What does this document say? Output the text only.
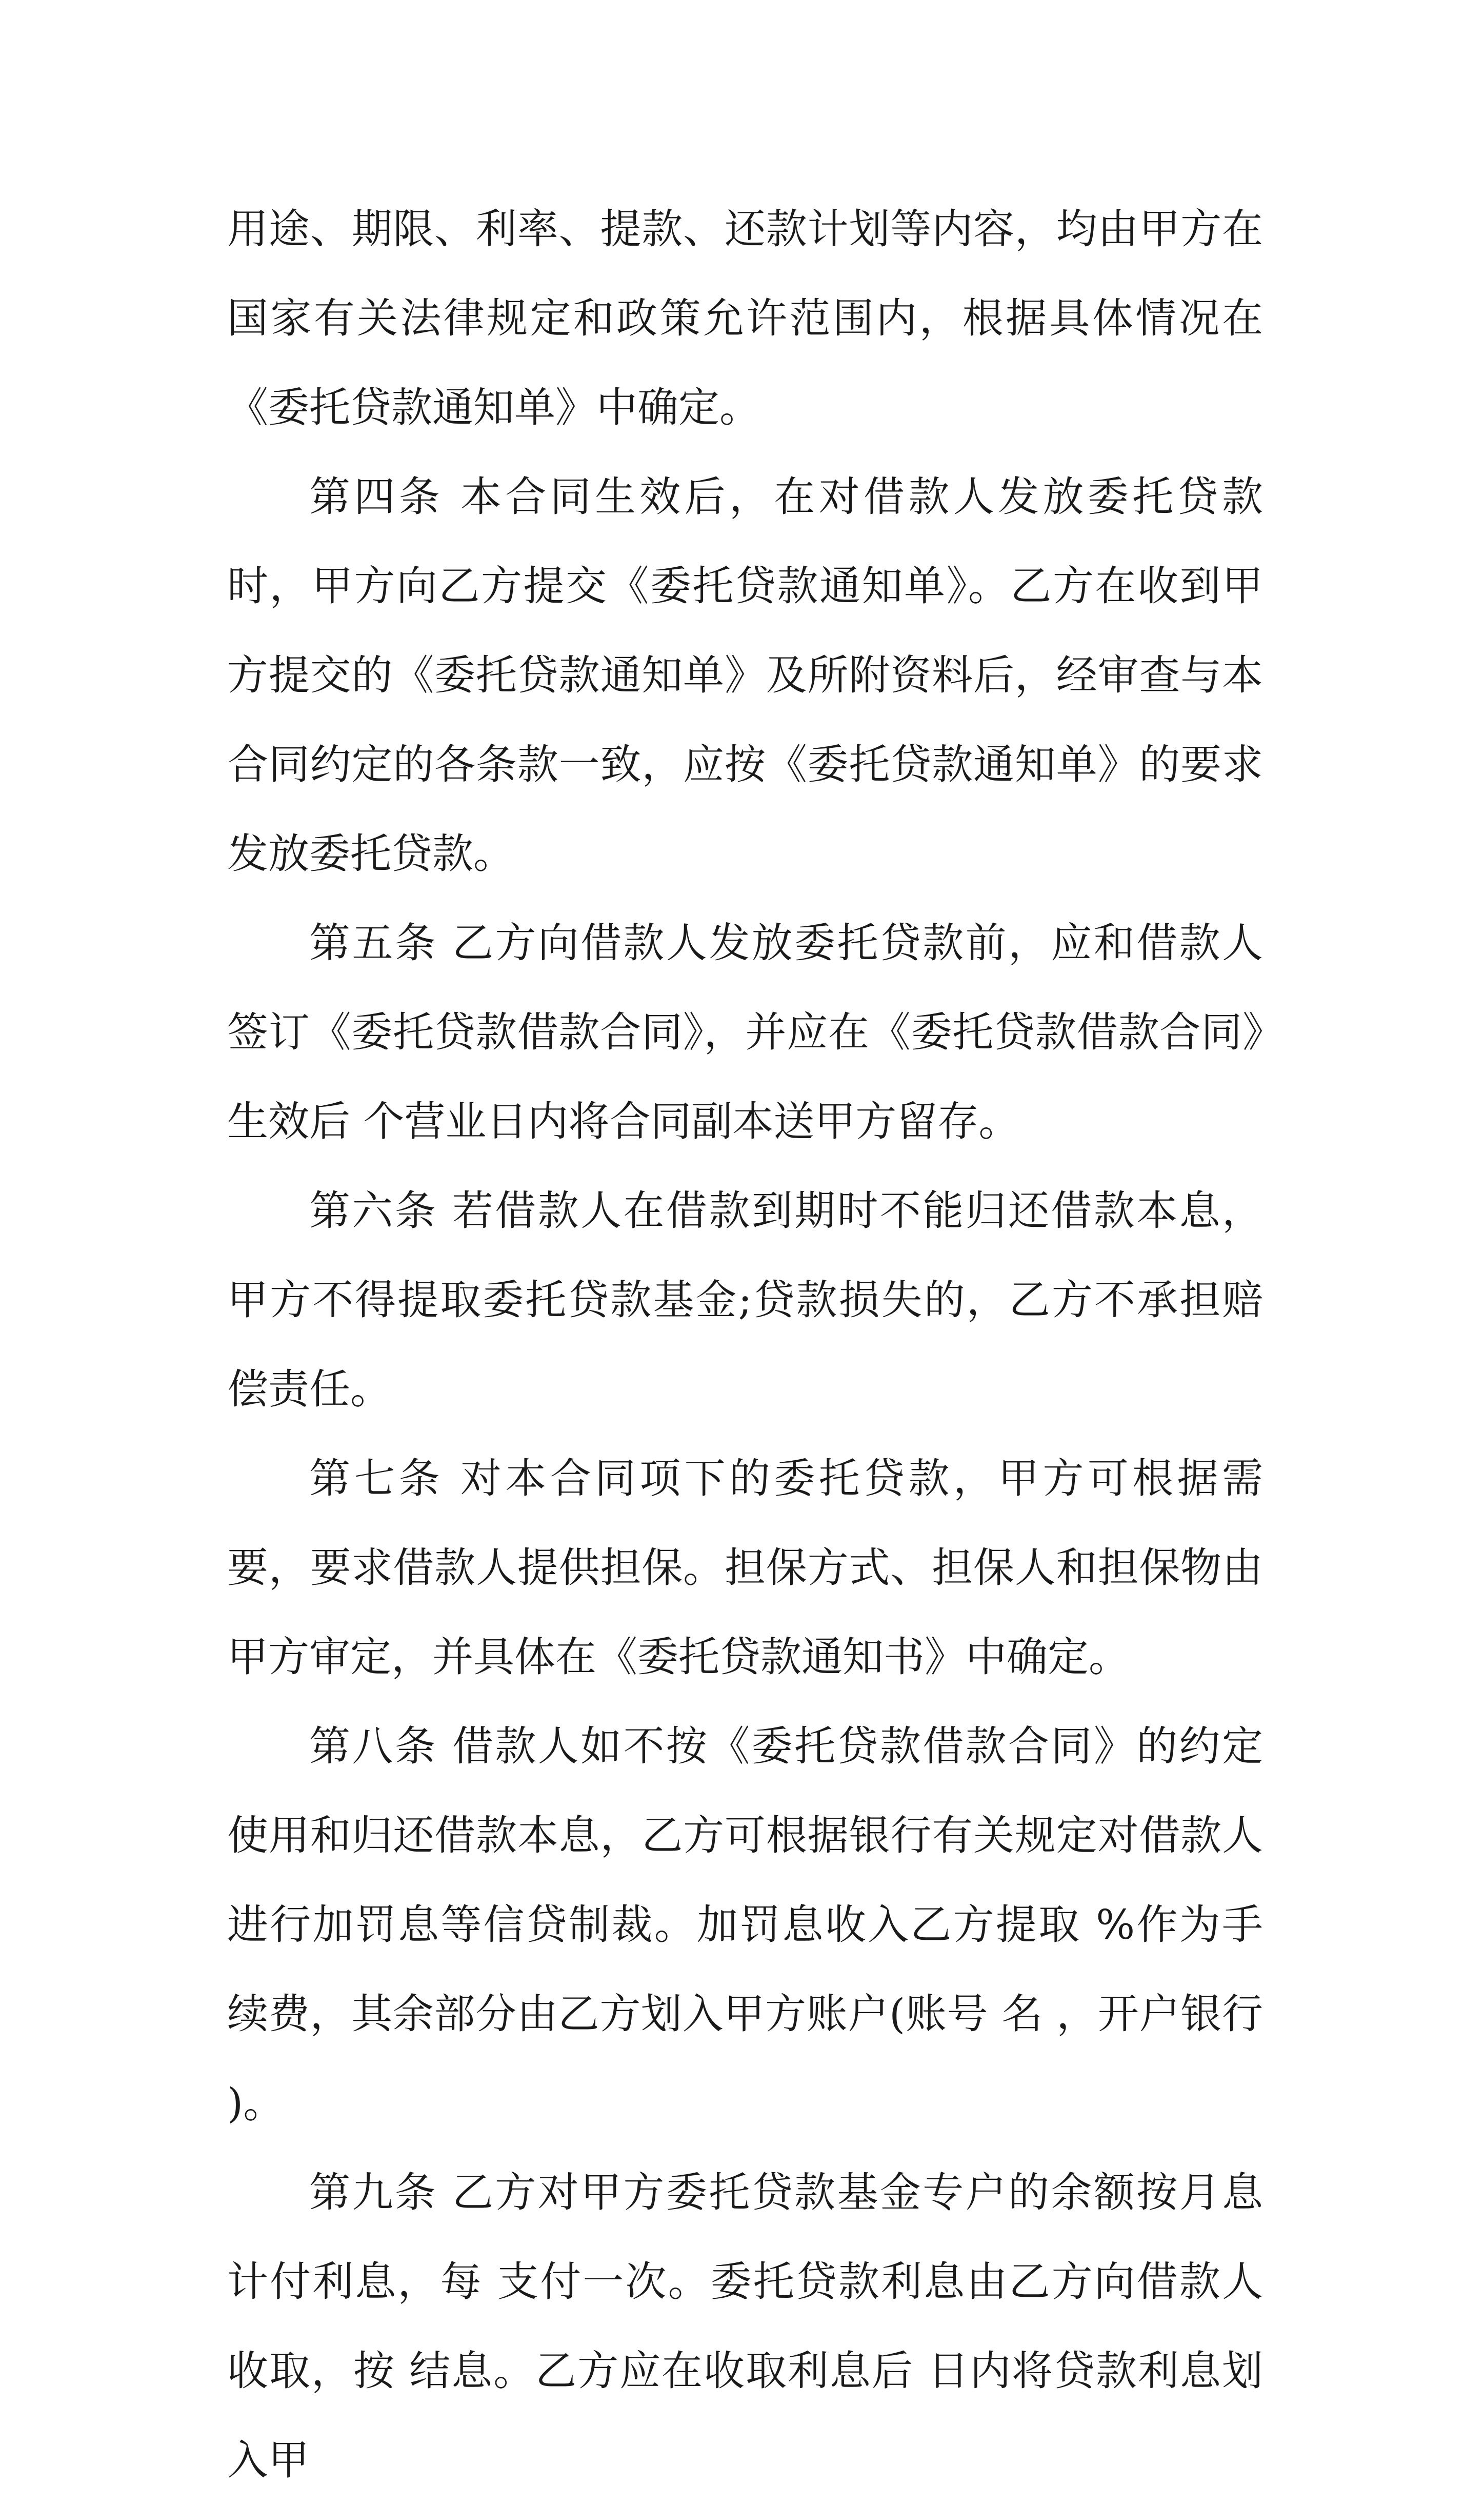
用途、期限、利率、提款、还款计划等内容，均由甲方在国家有关法律规定和政策允许范围内，根据具体情况在《委托贷款通知单》中确定。

第四条 本合同生效后，在对借款人发放委托贷款时，甲方向乙方提交《委托贷款通知单》。乙方在收到甲方提交的《委托贷款通知单》及所附资料后，经审查与本合同约定的各条款一致，应按《委托贷款通知单》的要求发放委托贷款。

第五条 乙方向借款人发放委托贷款前，应和借款人签订《委托贷款借款合同》，并应在《委托贷款借款合同》生效后 个营业日内将合同副本送甲方留存。

第六条 若借款人在借款到期时不能归还借款本息，甲方不得提取委托贷款基金;贷款损失的，乙方不承担赔偿责任。

第七条 对本合同项下的委托贷款，甲方可根据需要，要求借款人提供担保。担保方式、担保人和担保物由甲方审定，并具体在《委托贷款通知书》中确定。

第八条 借款人如不按《委托贷款借款合同》的约定使用和归还借款本息，乙方可根据银行有关规定对借款人进行加罚息等信贷制裁。加罚息收入乙方提取 %作为手续费，其余部分由乙方划入甲方账户(账号 名 ，开户银行 )。

第九条 乙方对甲方委托贷款基金专户的余额按月息计付利息，每 支付一次。委托贷款利息由乙方向借款人收取，按 结息。乙方应在收取利息后 日内将贷款利息划入甲
